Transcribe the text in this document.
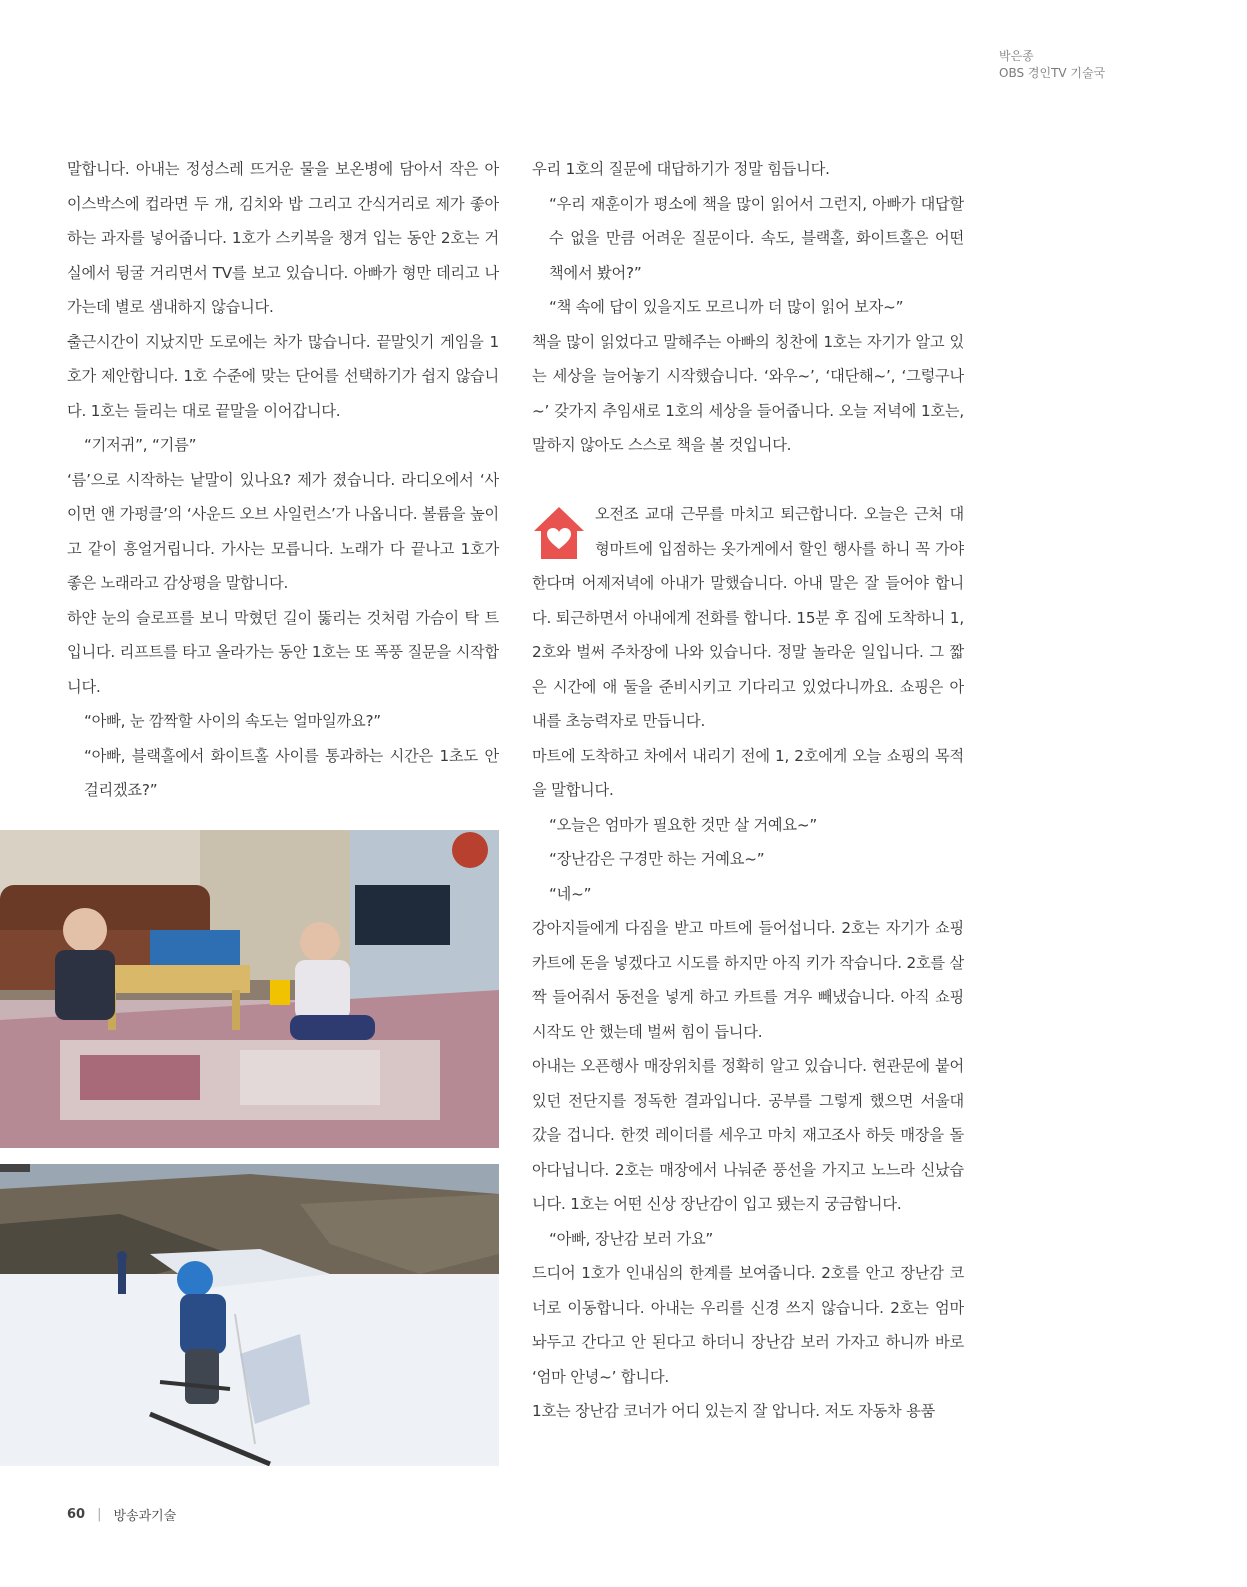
박은종
OBS 경인TV 기술국

말합니다. 아내는 정성스레 뜨거운 물을 보온병에 담아서 작은 아이스박스에 컵라면 두 개, 김치와 밥 그리고 간식거리로 제가 좋아하는 과자를 넣어줍니다. 1호가 스키복을 챙겨 입는 동안 2호는 거실에서 뒹굴 거리면서 TV를 보고 있습니다. 아빠가 형만 데리고 나가는데 별로 샘내하지 않습니다.

출근시간이 지났지만 도로에는 차가 많습니다. 끝말잇기 게임을 1호가 제안합니다. 1호 수준에 맞는 단어를 선택하기가 쉽지 않습니다. 1호는 들리는 대로 끝말을 이어갑니다.

“기저귀”, “기름”

‘름’으로 시작하는 낱말이 있나요? 제가 졌습니다. 라디오에서 ‘사이먼 앤 가펑클’의 ‘사운드 오브 사일런스’가 나옵니다. 볼륨을 높이고 같이 흥얼거립니다. 가사는 모릅니다. 노래가 다 끝나고 1호가 좋은 노래라고 감상평을 말합니다.

하얀 눈의 슬로프를 보니 막혔던 길이 뚫리는 것처럼 가슴이 탁 트입니다. 리프트를 타고 올라가는 동안 1호는 또 폭풍 질문을 시작합니다.

“아빠, 눈 깜짝할 사이의 속도는 얼마일까요?”

“아빠, 블랙홀에서 화이트홀 사이를 통과하는 시간은 1초도 안 걸리겠죠?”

우리 1호의 질문에 대답하기가 정말 힘듭니다.

“우리 재훈이가 평소에 책을 많이 읽어서 그런지, 아빠가 대답할 수 없을 만큼 어려운 질문이다. 속도, 블랙홀, 화이트홀은 어떤 책에서 봤어?”

“책 속에 답이 있을지도 모르니까 더 많이 읽어 보자~”

책을 많이 읽었다고 말해주는 아빠의 칭찬에 1호는 자기가 알고 있는 세상을 늘어놓기 시작했습니다. ‘와우~’, ‘대단해~’, ‘그렇구나~’ 갖가지 추임새로 1호의 세상을 들어줍니다. 오늘 저녁에 1호는, 말하지 않아도 스스로 책을 볼 것입니다.

오전조 교대 근무를 마치고 퇴근합니다. 오늘은 근처 대형마트에 입점하는 옷가게에서 할인 행사를 하니 꼭 가야 한다며 어제저녁에 아내가 말했습니다. 아내 말은 잘 들어야 합니다. 퇴근하면서 아내에게 전화를 합니다. 15분 후 집에 도착하니 1, 2호와 벌써 주차장에 나와 있습니다. 정말 놀라운 일입니다. 그 짧은 시간에 애 둘을 준비시키고 기다리고 있었다니까요. 쇼핑은 아내를 초능력자로 만듭니다.

마트에 도착하고 차에서 내리기 전에 1, 2호에게 오늘 쇼핑의 목적을 말합니다.

“오늘은 엄마가 필요한 것만 살 거예요~”

“장난감은 구경만 하는 거예요~”

“네~”

강아지들에게 다짐을 받고 마트에 들어섭니다. 2호는 자기가 쇼핑카트에 돈을 넣겠다고 시도를 하지만 아직 키가 작습니다. 2호를 살짝 들어줘서 동전을 넣게 하고 카트를 겨우 빼냈습니다. 아직 쇼핑 시작도 안 했는데 벌써 힘이 듭니다.

아내는 오픈행사 매장위치를 정확히 알고 있습니다. 현관문에 붙어 있던 전단지를 정독한 결과입니다. 공부를 그렇게 했으면 서울대 갔을 겁니다. 한껏 레이더를 세우고 마치 재고조사 하듯 매장을 돌아다닙니다. 2호는 매장에서 나눠준 풍선을 가지고 노느라 신났습니다. 1호는 어떤 신상 장난감이 입고 됐는지 궁금합니다.

“아빠, 장난감 보러 가요”

드디어 1호가 인내심의 한계를 보여줍니다. 2호를 안고 장난감 코너로 이동합니다. 아내는 우리를 신경 쓰지 않습니다. 2호는 엄마 놔두고 간다고 안 된다고 하더니 장난감 보러 가자고 하니까 바로 ‘엄마 안녕~’ 합니다.

1호는 장난감 코너가 어디 있는지 잘 압니다. 저도 자동차 용품

60 | 방송과기술
